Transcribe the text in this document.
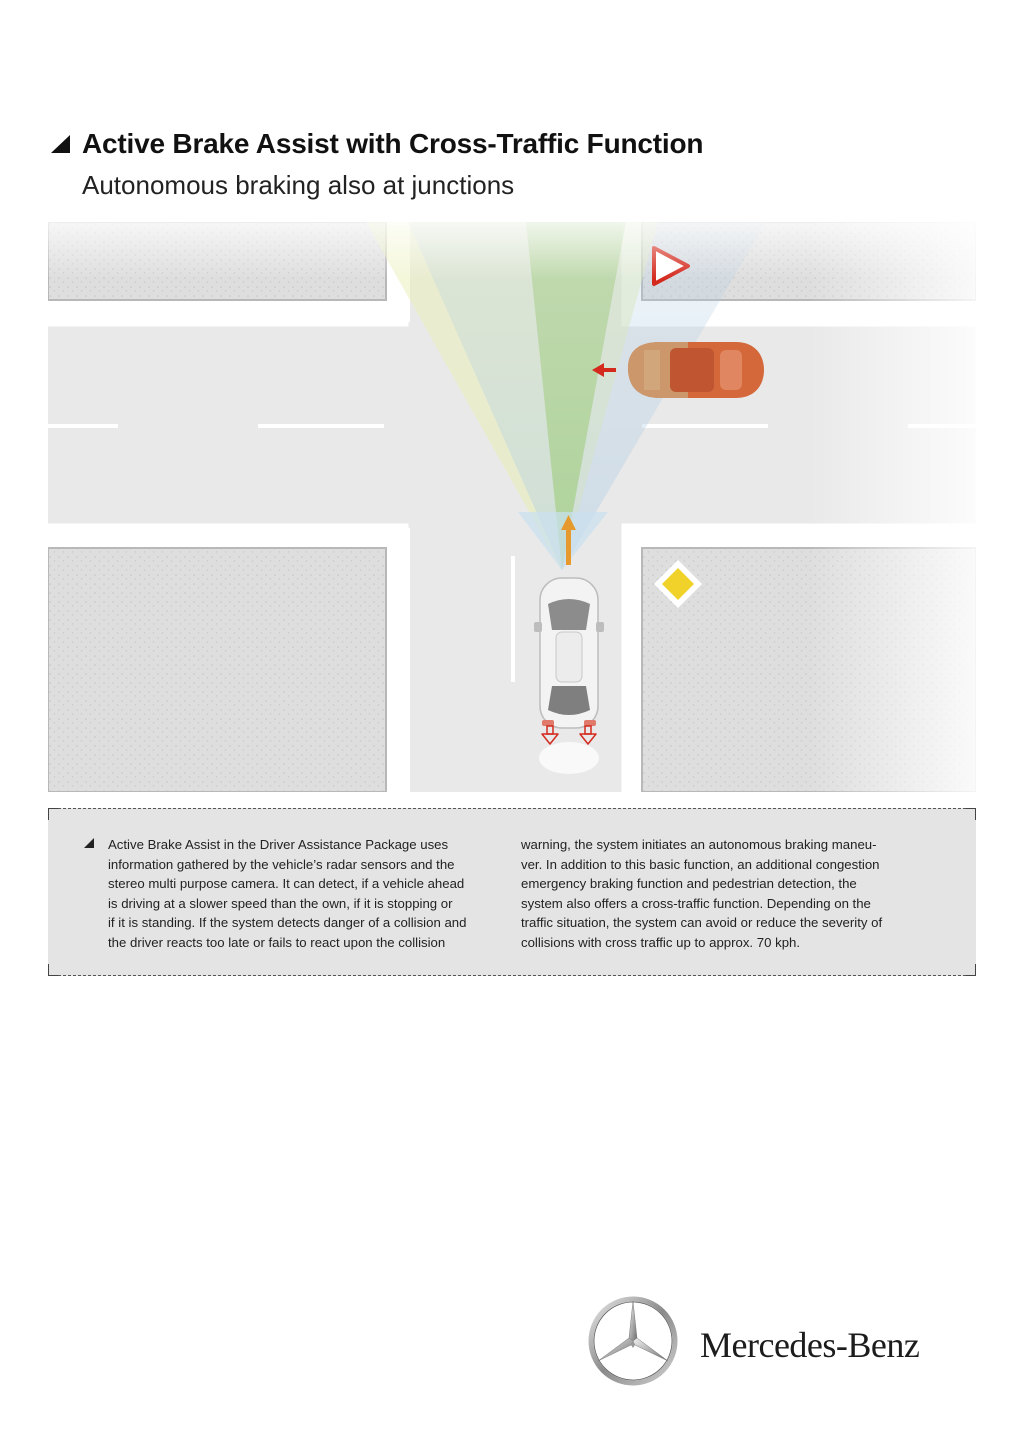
Active Brake Assist with Cross-Traffic Function
Autonomous braking also at junctions
Active Brake Assist in the Driver Assistance Package uses
information gathered by the vehicle’s radar sensors and the
stereo multi purpose camera. It can detect, if a vehicle ahead
is driving at a slower speed than the own, if it is stopping or
if it is standing. If the system detects danger of a collision and
the driver reacts too late or fails to react upon the collision
warning, the system initiates an autonomous braking maneu-
ver. In addition to this basic function, an additional congestion
emergency braking function and pedestrian detection, the
system also offers a cross-traffic function. Depending on the
traffic situation, the system can avoid or reduce the severity of
collisions with cross traffic up to approx. 70 kph.
Mercedes-Benz
